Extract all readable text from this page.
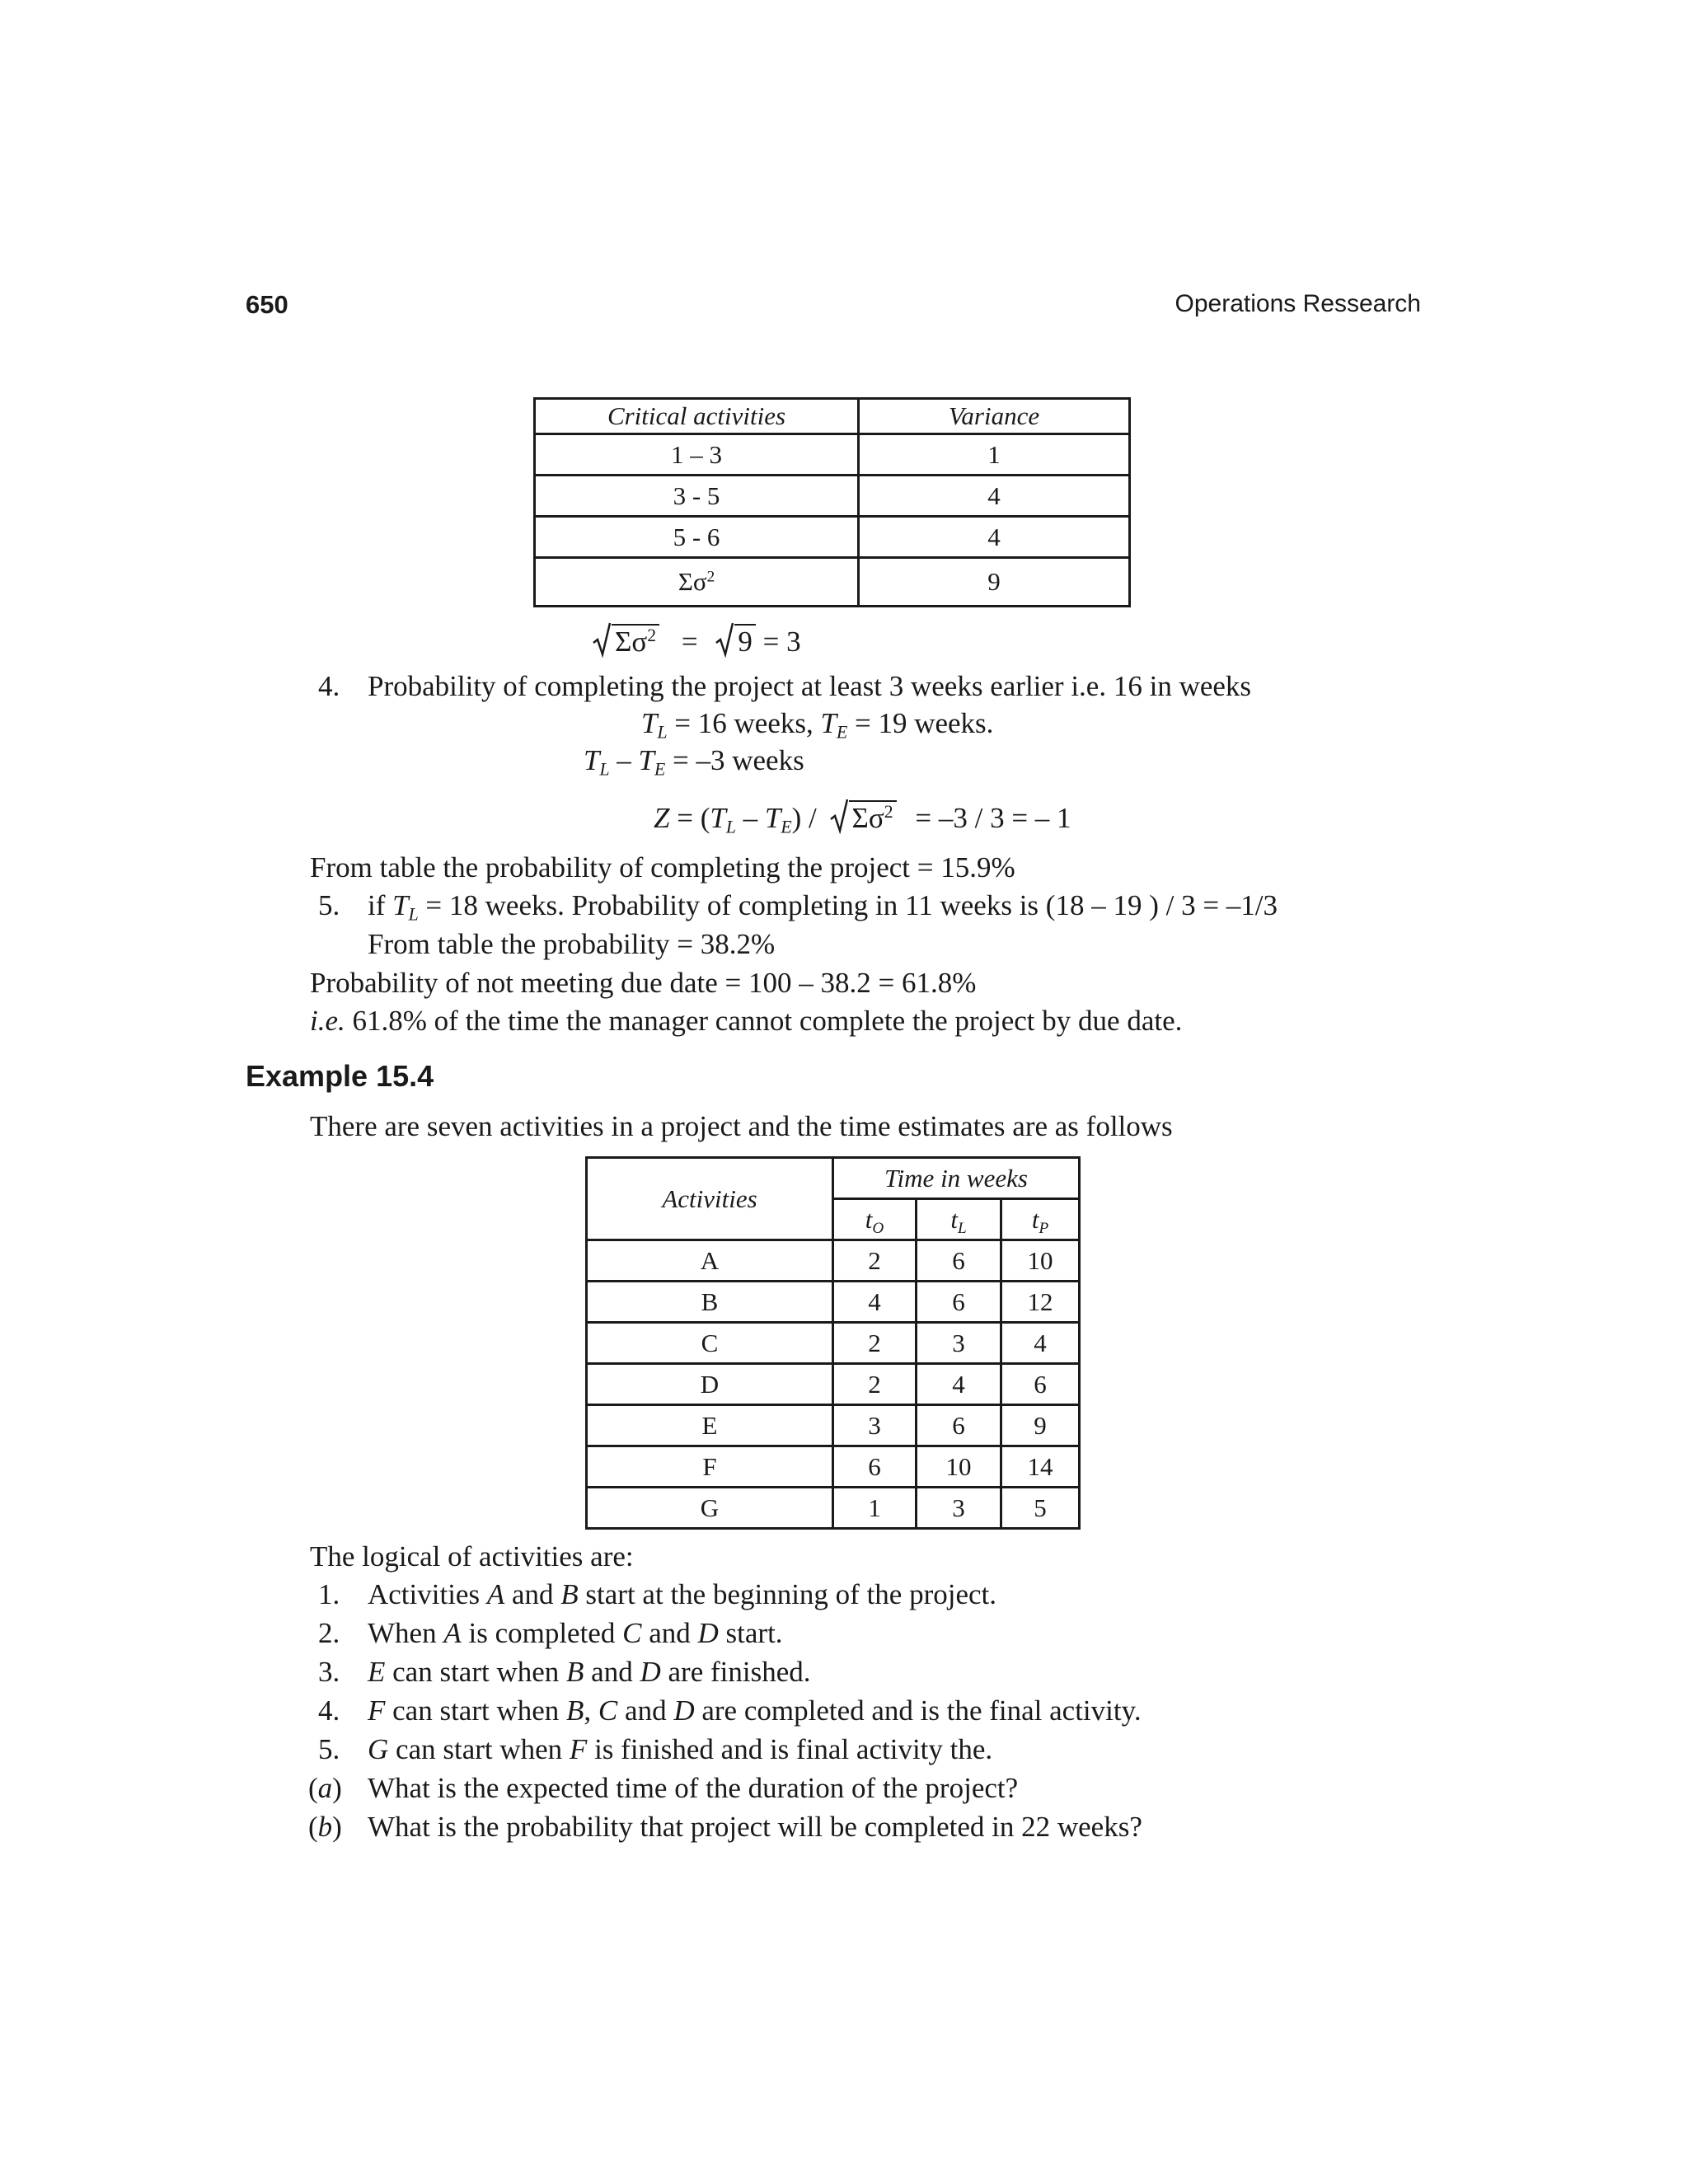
650	Operations Ressearch
Critical activities	Variance
1 – 3	1
3 - 5	4
5 - 6	4
$\Sigma\sigma^2$	9
$\Sigma\sigma^2 = 9 = 3$
4. Probability of completing the project at least 3 weeks earlier i.e. 16 in weeks
$T_L = 16$ weeks, $T_E = 19$ weeks.
$T_L - T_E = -3$ weeks
$Z = (T_L - T_E) / \Sigma\sigma^2 = -3 / 3$ = – 1
From table the probability of completing the project = 15.9%
5. if $T_L = 18$ weeks. Probability of completing in 11 weeks is (18 – 19 ) / 3 = –1/3
From table the probability = 38.2%
Probability of not meeting due date = 100 – 38.2 = 61.8%
i.e. 61.8% of the time the manager cannot complete the project by due date.
Example 15.4
There are seven activities in a project and the time estimates are as follows
Activities	Time in weeks		
	$t_O$	$t_L$	$t_P$
A	2	6	10
B	4	6	12
C	2	3	4
D	2	4	6
E	3	6	9
F	6	10	14
G	1	3	5
The logical of activities are:
1. Activities A and B start at the beginning of the project.
2. When A is completed C and D start.
3. E can start when B and D are finished.
4. F can start when B, C and D are completed and is the final activity.
5. G can start when F is finished and is final activity the.
(a) What is the expected time of the duration of the project?
(b) What is the probability that project will be completed in 22 weeks?
